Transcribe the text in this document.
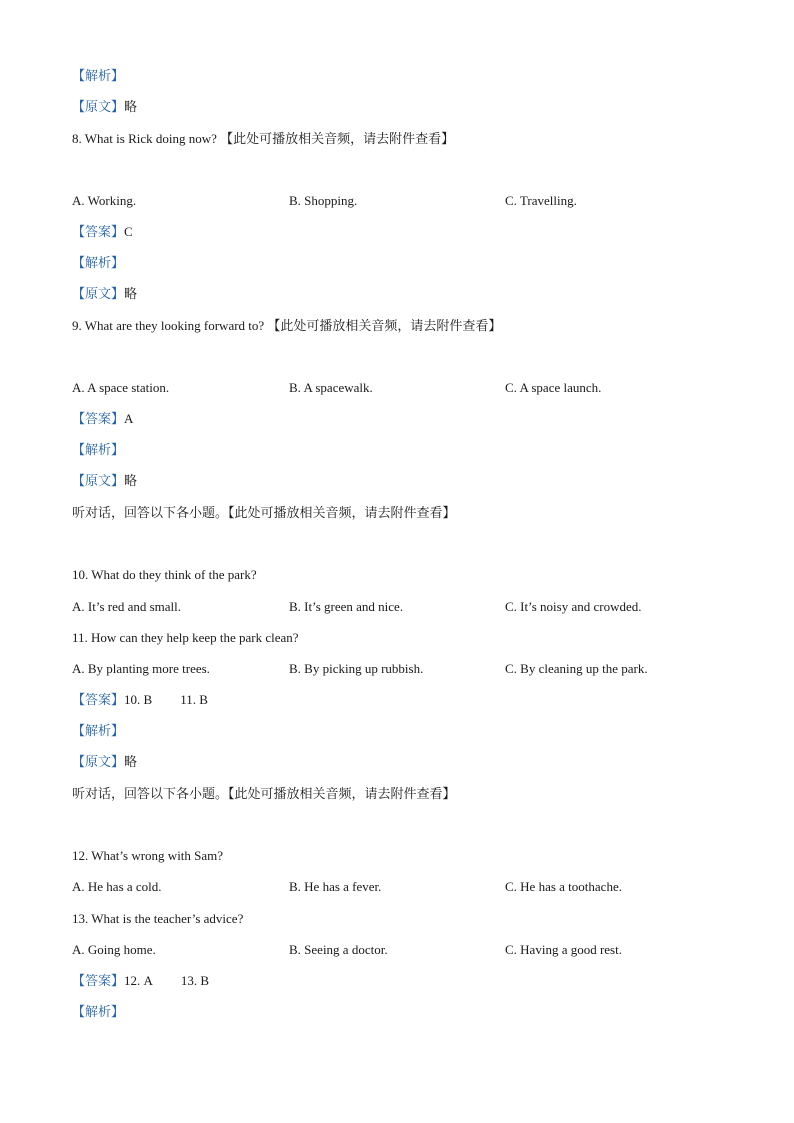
【解析】
【原文】略
8. What is Rick doing now? 【此处可播放相关音频，请去附件查看】
A. Working.	B. Shopping.	C. Travelling.
【答案】C
【解析】
【原文】略
9. What are they looking forward to? 【此处可播放相关音频，请去附件查看】
A. A space station.	B. A spacewalk.	C. A space launch.
【答案】A
【解析】
【原文】略
听对话，回答以下各小题。【此处可播放相关音频，请去附件查看】
10. What do they think of the park?
A. It’s red and small.	B. It’s green and nice.	C. It’s noisy and crowded.
11. How can they help keep the park clean?
A. By planting more trees.	B. By picking up rubbish.	C. By cleaning up the park.
【答案】10. B 11. B
【解析】
【原文】略
听对话，回答以下各小题。【此处可播放相关音频，请去附件查看】
12. What’s wrong with Sam?
A. He has a cold.	B. He has a fever.	C. He has a toothache.
13. What is the teacher’s advice?
A. Going home.	B. Seeing a doctor.	C. Having a good rest.
【答案】12. A 13. B
【解析】
